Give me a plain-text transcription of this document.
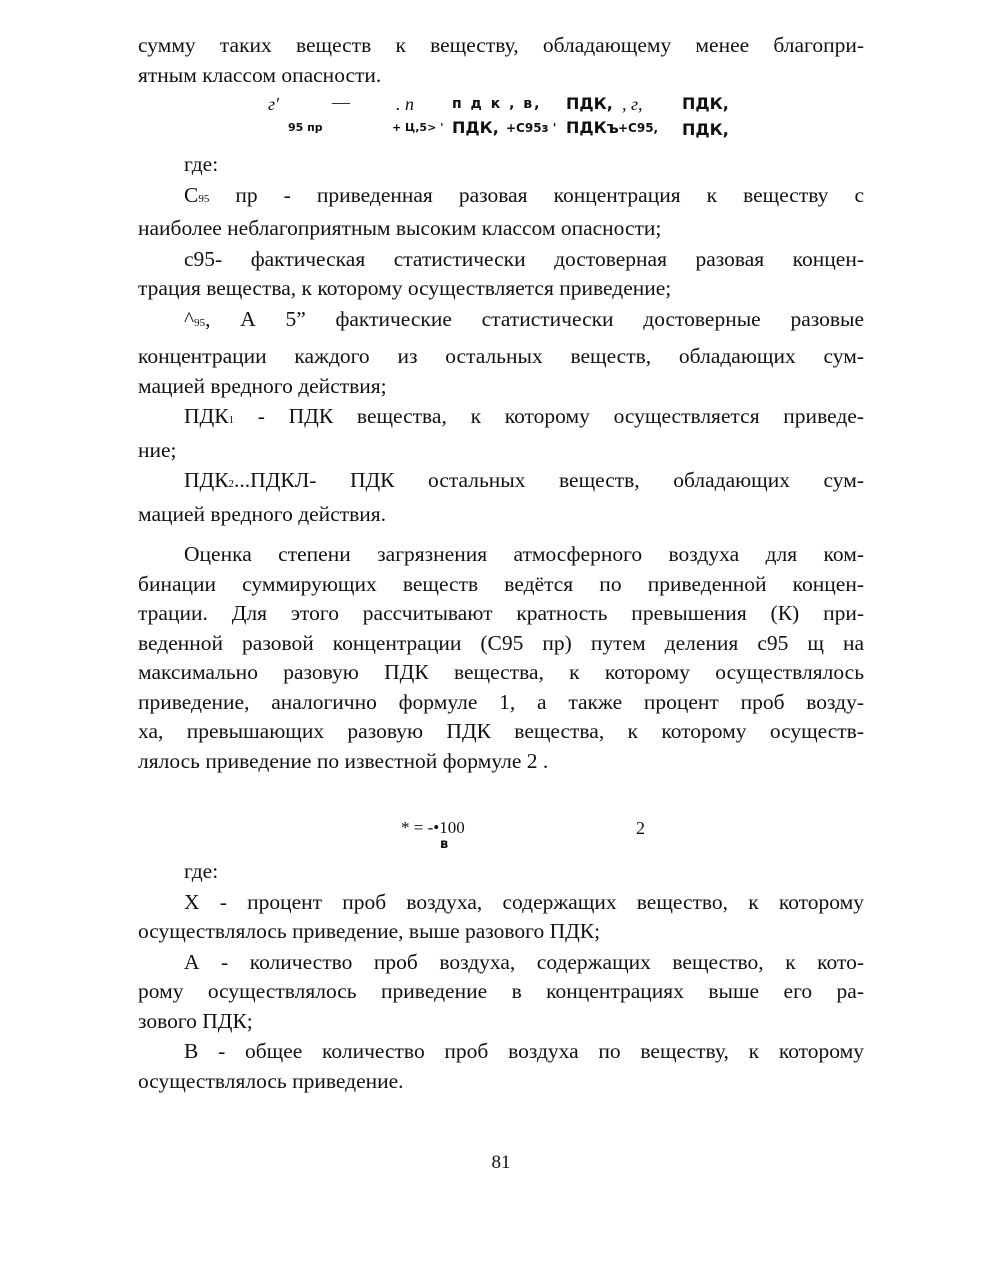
сумму таких веществ к веществу, обладающему менее благопри-

ятным классом опасности.

г'	—	. п	п д к , в, ПДК, , г, ПДК,
95 пр	+ Ц,5> ' ПДК, +С95з ' ПДКъ +С95, ПДК,

где:

С95 пр - приведенная разовая концентрация к веществу с

наиболее неблагоприятным высоким классом опасности;

с95- фактическая статистически достоверная разовая концен-

трация вещества, к которому осуществляется приведение;

^95, А 5” фактические статистически достоверные разовые

концентрации каждого из остальных веществ, обладающих сум-

мацией вредного действия;

ПДК1 - ПДК вещества, к которому осуществляется приведе-

ние;

ПДК2...ПДКЛ- ПДК остальных веществ, обладающих сум-

мацией вредного действия.

Оценка степени загрязнения атмосферного воздуха для ком-

бинации суммирующих веществ ведётся по приведенной концен-

трации. Для этого рассчитывают кратность превышения (К) при-

веденной разовой концентрации (С95 пр) путем деления с95 щ на

максимально разовую ПДК вещества, к которому осуществлялось

приведение, аналогично формуле 1, а также процент проб возду-

ха, превышающих разовую ПДК вещества, к которому осуществ-

лялось приведение по известной формуле 2 .

* = -•100
в
2

где:

Х - процент проб воздуха, содержащих вещество, к которому

осуществлялось приведение, выше разового ПДК;

А - количество проб воздуха, содержащих вещество, к кото-

рому осуществлялось приведение в концентрациях выше его ра-

зового ПДК;

В - общее количество проб воздуха по веществу, к которому

осуществлялось приведение.

81
